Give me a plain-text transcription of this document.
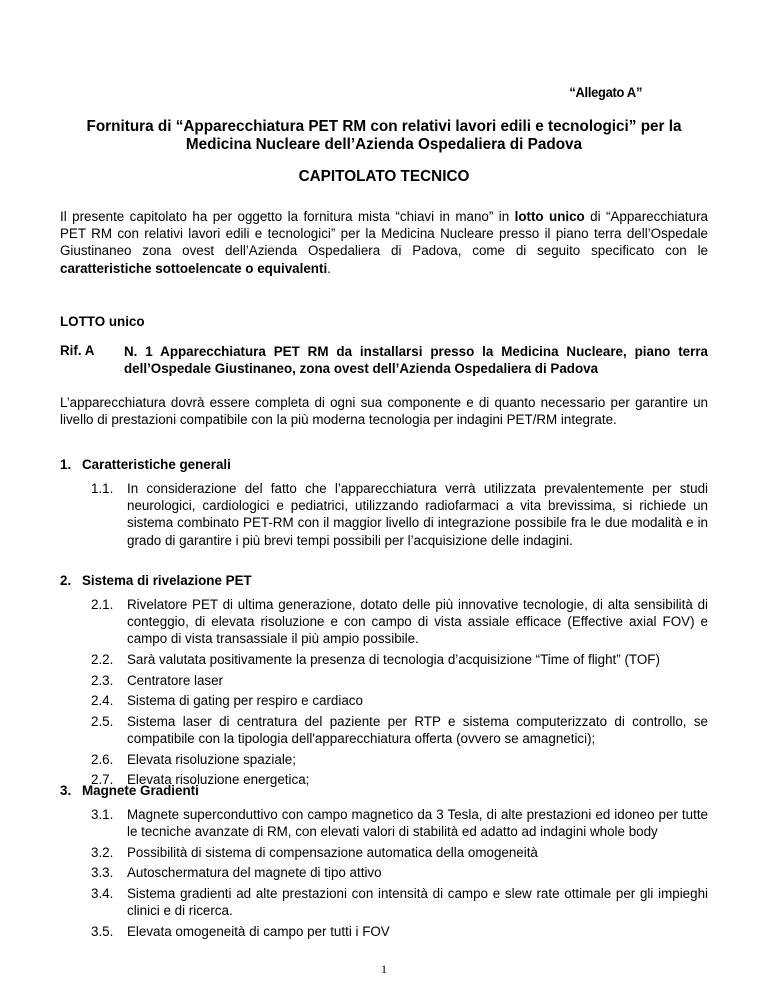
“Allegato A”
Fornitura di “Apparecchiatura PET RM con relativi lavori edili e tecnologici” per la Medicina Nucleare dell’Azienda Ospedaliera di Padova
CAPITOLATO TECNICO
Il presente capitolato ha per oggetto la fornitura mista “chiavi in mano” in lotto unico di “Apparecchiatura PET RM con relativi lavori edili e tecnologici” per la Medicina Nucleare presso il piano terra dell’Ospedale Giustinaneo zona ovest dell’Azienda Ospedaliera di Padova, come di seguito specificato con le caratteristiche sottoelencate o equivalenti.
LOTTO unico
Rif. A N. 1 Apparecchiatura PET RM da installarsi presso la Medicina Nucleare, piano terra dell’Ospedale Giustinaneo, zona ovest dell’Azienda Ospedaliera di Padova
L’apparecchiatura dovrà essere completa di ogni sua componente e di quanto necessario per garantire un livello di prestazioni compatibile con la più moderna tecnologia per indagini PET/RM integrate.
1. Caratteristiche generali
1.1.	In considerazione del fatto che l’apparecchiatura verrà utilizzata prevalentemente per studi neurologici, cardiologici e pediatrici, utilizzando radiofarmaci a vita brevissima, si richiede un sistema combinato PET-RM con il maggior livello di integrazione possibile fra le due modalità e in grado di garantire i più brevi tempi possibili per l’acquisizione delle indagini.
2. Sistema di rivelazione PET
2.1.	Rivelatore PET di ultima generazione, dotato delle più innovative tecnologie, di alta sensibilità di conteggio, di elevata risoluzione e con campo di vista assiale efficace (Effective axial FOV) e campo di vista transassiale il più ampio possibile.
2.2.	Sarà valutata positivamente la presenza di tecnologia d’acquisizione “Time of flight” (TOF)
2.3.	Centratore laser
2.4.	Sistema di gating per respiro e cardiaco
2.5.	Sistema laser di centratura del paziente per RTP e sistema computerizzato di controllo, se compatibile con la tipologia dell'apparecchiatura offerta (ovvero se amagnetici);
2.6.	Elevata risoluzione spaziale;
2.7.	Elevata risoluzione energetica;
3. Magnete Gradienti
3.1.	Magnete superconduttivo con campo magnetico da 3 Tesla, di alte prestazioni ed idoneo per tutte le tecniche avanzate di RM, con elevati valori di stabilità ed adatto ad indagini whole body
3.2.	Possibilità di sistema di compensazione automatica della omogeneità
3.3.	Autoschermatura del magnete di tipo attivo
3.4.	Sistema gradienti ad alte prestazioni con intensità di campo e slew rate ottimale per gli impieghi clinici e di ricerca.
3.5.	Elevata omogeneità di campo per tutti i FOV
1
